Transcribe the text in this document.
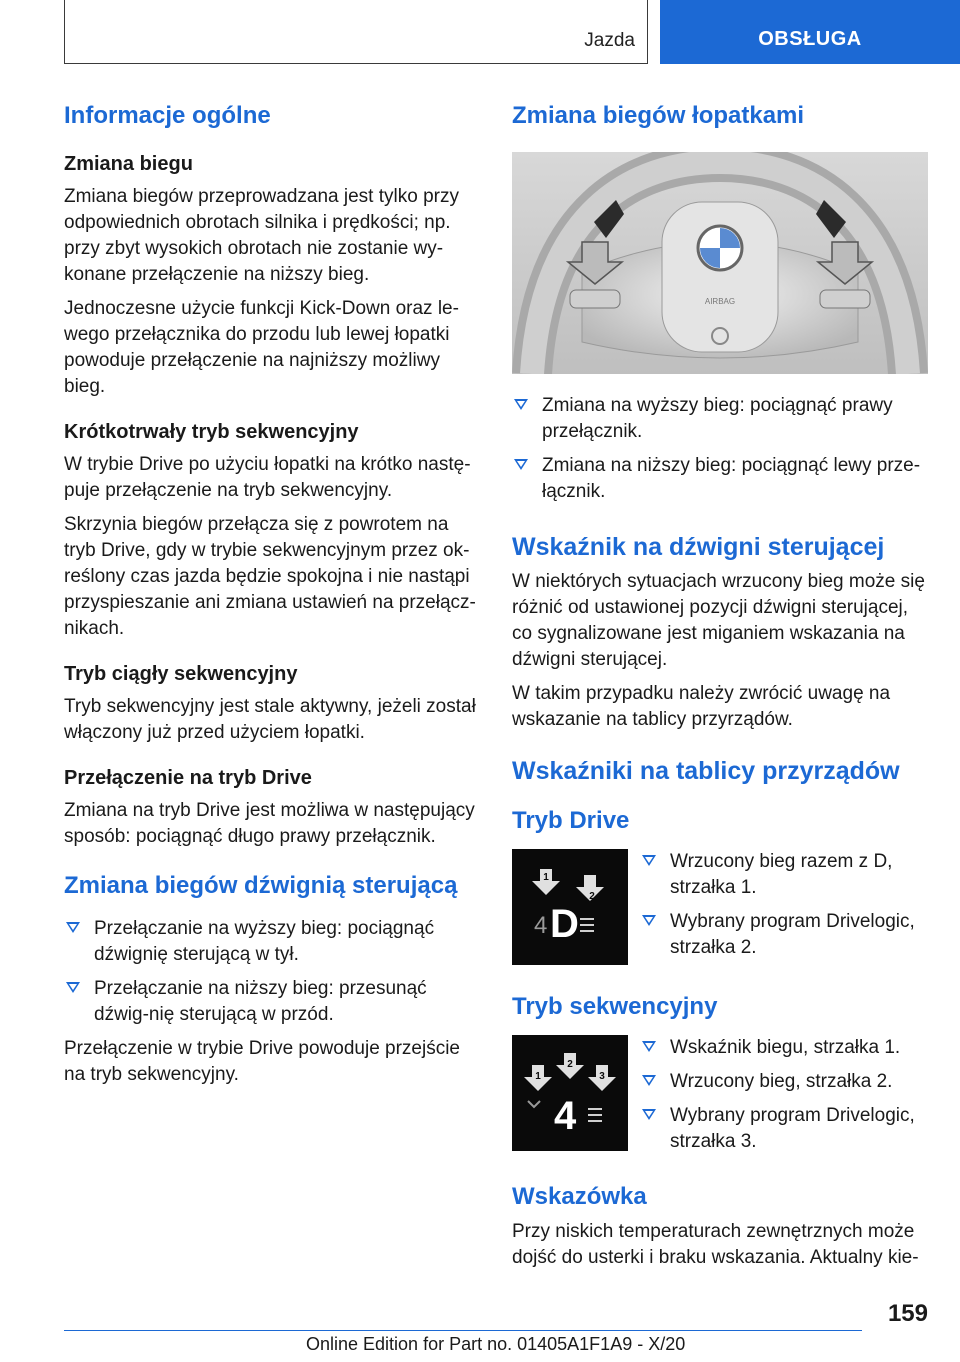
Jazda	OBSŁUGA
Informacje ogólne
Zmiana biegu

Zmiana biegów przeprowadzana jest tylko przy odpowiednich obrotach silnika i prędkości; np. przy zbyt wysokich obrotach nie zostanie wy-konane przełączenie na niższy bieg.

Jednoczesne użycie funkcji Kick-Down oraz le-wego przełącznika do przodu lub lewej łopatki powoduje przełączenie na najniższy możliwy bieg.

Krótkotrwały tryb sekwencyjny

W trybie Drive po użyciu łopatki na krótko nastę-puje przełączenie na tryb sekwencyjny.

Skrzynia biegów przełącza się z powrotem na tryb Drive, gdy w trybie sekwencyjnym przez ok-reślony czas jazda będzie spokojna i nie nastąpi przyspieszanie ani zmiana ustawień na przełącz-nikach.

Tryb ciągły sekwencyjny

Tryb sekwencyjny jest stale aktywny, jeżeli został włączony już przed użyciem łopatki.

Przełączenie na tryb Drive

Zmiana na tryb Drive jest możliwa w następujący sposób: pociągnąć długo prawy przełącznik.

Zmiana biegów dźwignią sterującą
Przełączanie na wyższy bieg: pociągnąć dźwignię sterującą w tył.
Przełączanie na niższy bieg: przesunąć dźwig-nię sterującą w przód.

Przełączenie w trybie Drive powoduje przejście na tryb sekwencyjny.

Zmiana biegów łopatkami
AIRBAG
Zmiana na wyższy bieg: pociągnąć prawy przełącznik.
Zmiana na niższy bieg: pociągnąć lewy prze-łącznik.
Wskaźnik na dźwigni sterującej

W niektórych sytuacjach wrzucony bieg może się różnić od ustawionej pozycji dźwigni sterującej, co sygnalizowane jest miganiem wskazania na dźwigni sterującej.

W takim przypadku należy zwrócić uwagę na wskazanie na tablicy przyrządów.

Wskaźniki na tablicy przyrządów
Tryb Drive
2
1
4 D
Wrzucony bieg razem z D, strzałka 1.
Wybrany program Drivelogic, strzałka 2.
Tryb sekwencyjny
1
2
3
4
Wskaźnik biegu, strzałka 1.
Wrzucony bieg, strzałka 2.
Wybrany program Drivelogic, strzałka 3.
Wskazówka

Przy niskich temperaturach zewnętrznych może dojść do usterki i braku wskazania. Aktualny kie-

159
Online Edition for Part no. 01405A1F1A9 - X/20
